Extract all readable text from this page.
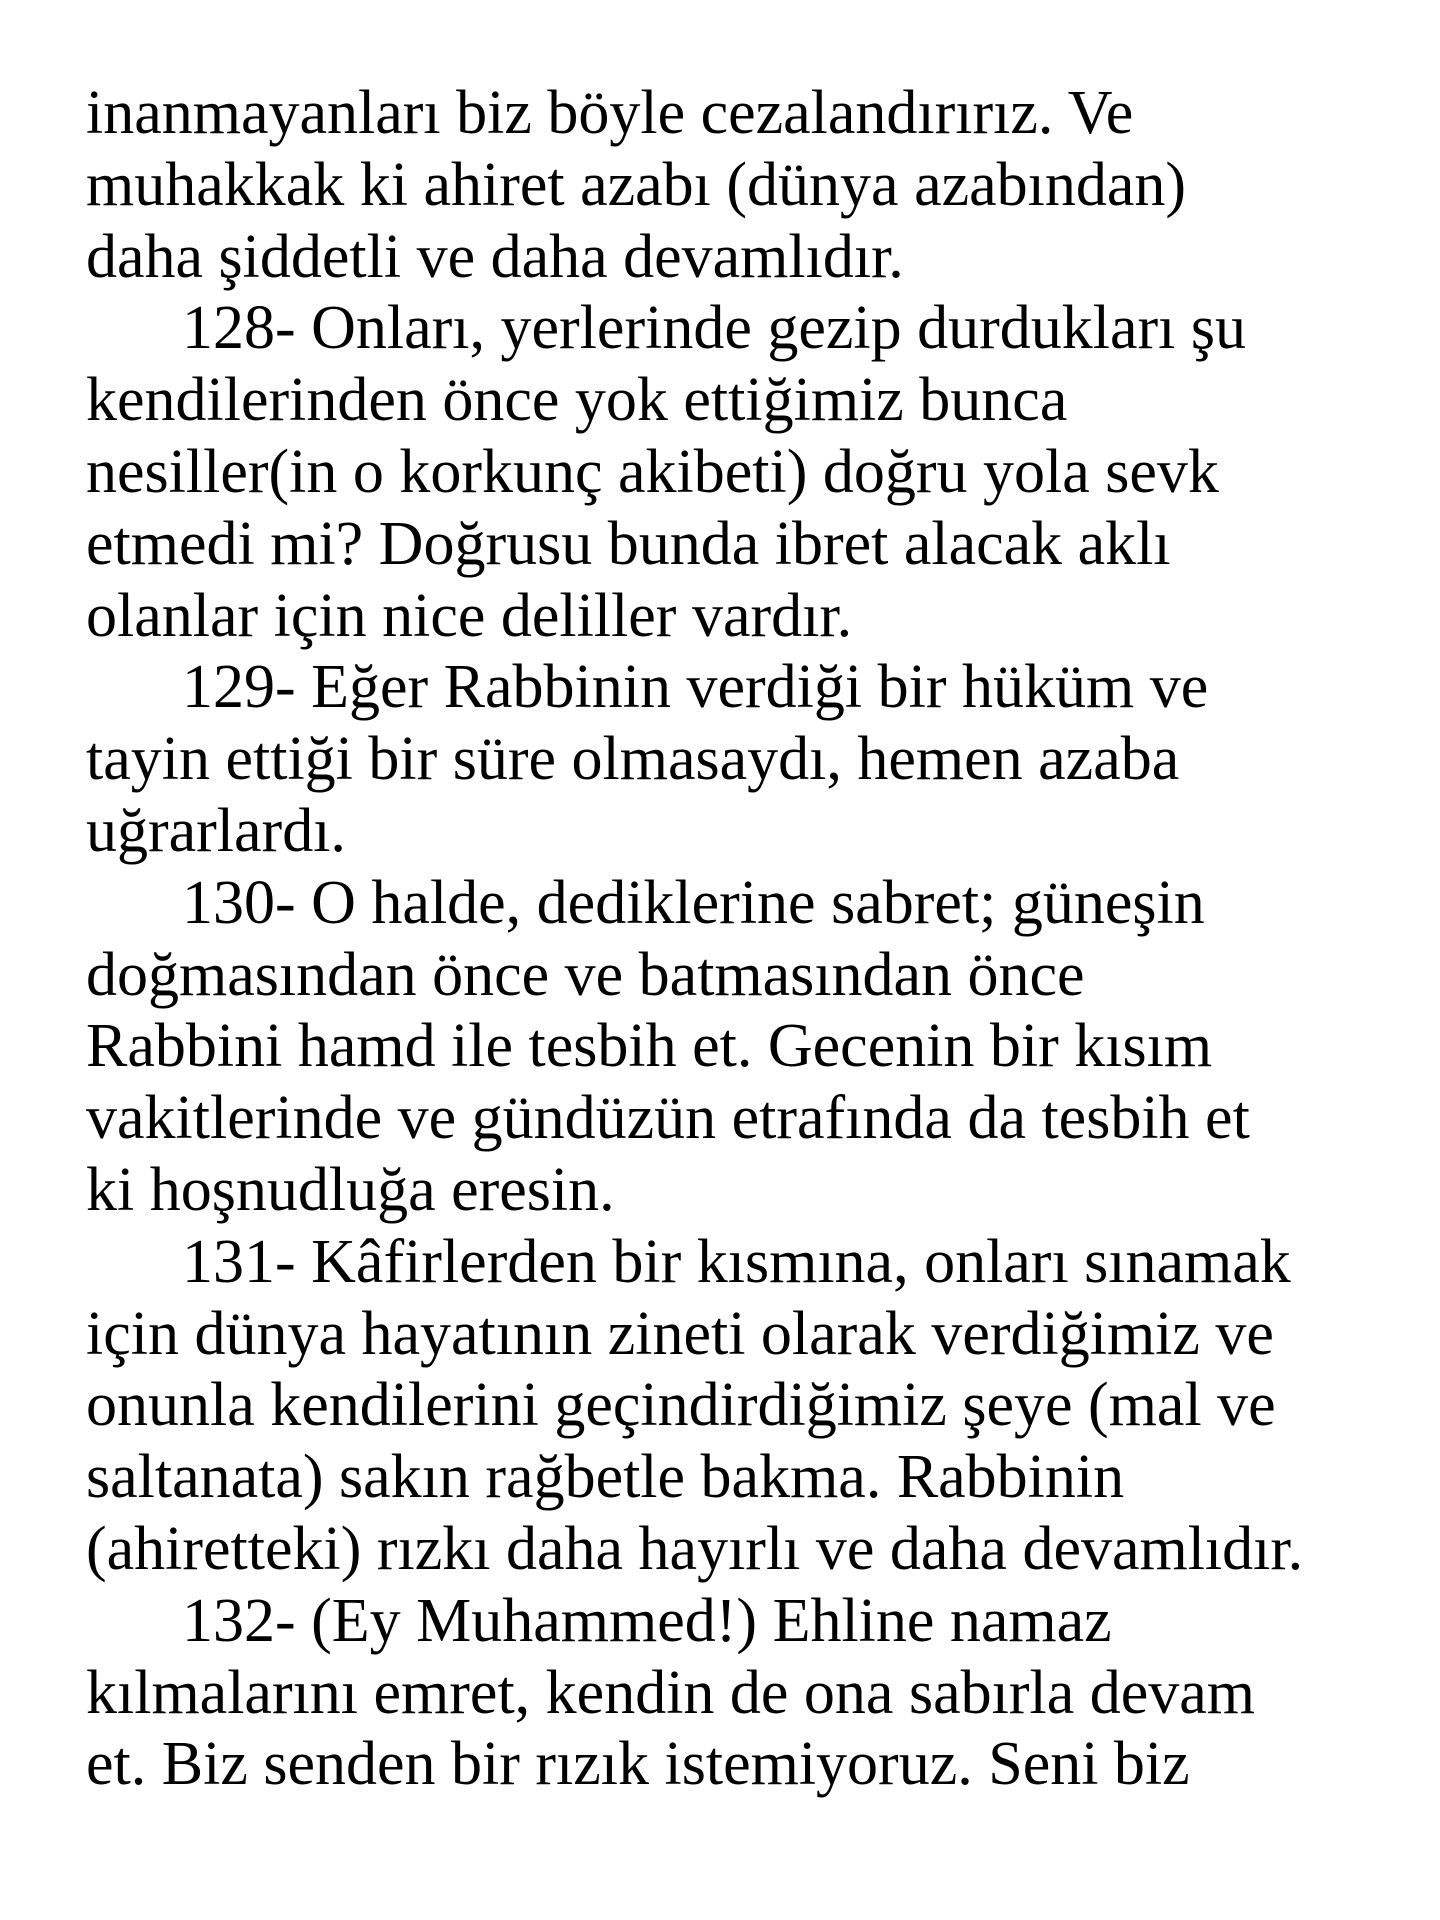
inanmayanları biz böyle cezalandırırız. Ve
muhakkak ki ahiret azabı (dünya azabından)
daha şiddetli ve daha devamlıdır.
128- Onları, yerlerinde gezip durdukları şu
kendilerinden önce yok ettiğimiz bunca
nesiller(in o korkunç akibeti) doğru yola sevk
etmedi mi? Doğrusu bunda ibret alacak aklı
olanlar için nice deliller vardır.
129- Eğer Rabbinin verdiği bir hüküm ve
tayin ettiği bir süre olmasaydı, hemen azaba
uğrarlardı.
130- O halde, dediklerine sabret; güneşin
doğmasından önce ve batmasından önce
Rabbini hamd ile tesbih et. Gecenin bir kısım
vakitlerinde ve gündüzün etrafında da tesbih et
ki hoşnudluğa eresin.
131- Kâfirlerden bir kısmına, onları sınamak
için dünya hayatının zineti olarak verdiğimiz ve
onunla kendilerini geçindirdiğimiz şeye (mal ve
saltanata) sakın rağbetle bakma. Rabbinin
(ahiretteki) rızkı daha hayırlı ve daha devamlıdır.
132- (Ey Muhammed!) Ehline namaz
kılmalarını emret, kendin de ona sabırla devam
et. Biz senden bir rızık istemiyoruz. Seni biz
